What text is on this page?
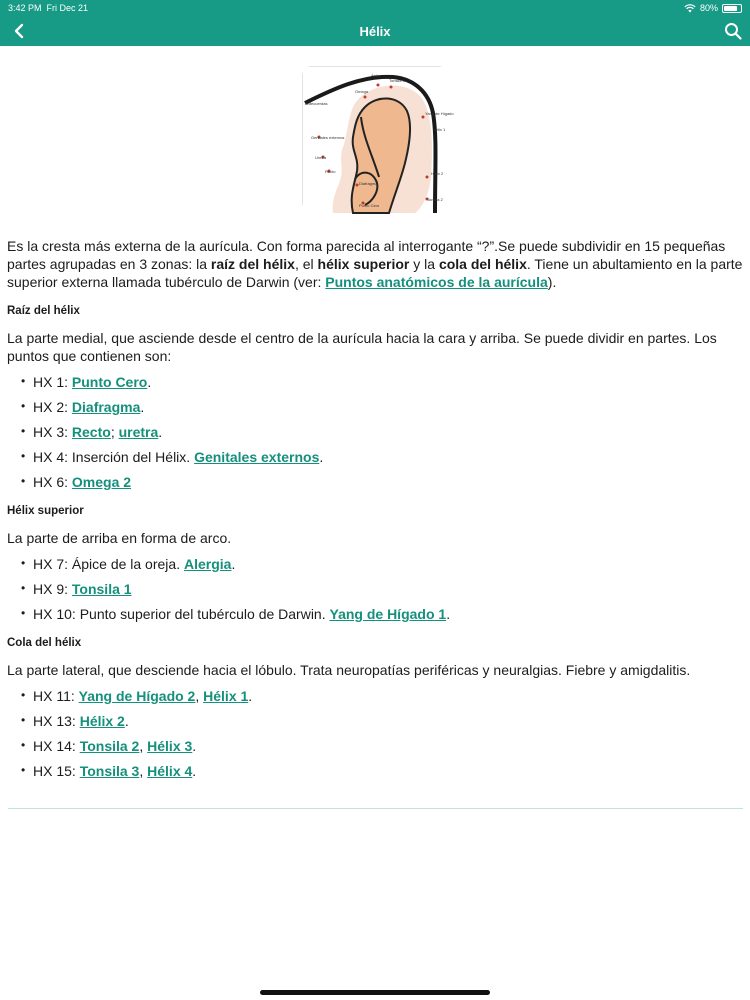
3:42 PM Fri Dec 21	80%
Hélix
Ápice
Tonsila 1
Omega
Antecuerdas
Yang de Hígado
Hélix 1
Genitales externos
Uretra
Recto
Diafragma
Punto Cero
Hélix 2
Tonsila 2

Es la cresta más externa de la aurícula. Con forma parecida al interrogante “?”.Se puede subdividir en 15 pequeñas partes agrupadas en 3 zonas: la raíz del hélix, el hélix superior y la cola del hélix. Tiene un abultamiento en la parte superior externa llamada tubérculo de Darwin (ver: Puntos anatómicos de la aurícula).

Raíz del hélix

La parte medial, que asciende desde el centro de la aurícula hacia la cara y arriba. Se puede dividir en partes. Los puntos que contienen son:

• HX 1: Punto Cero.
• HX 2: Diafragma.
• HX 3: Recto; uretra.
• HX 4: Inserción del Hélix. Genitales externos.
• HX 6: Omega 2
Hélix superior

La parte de arriba en forma de arco.

• HX 7: Ápice de la oreja. Alergia.
• HX 9: Tonsila 1
• HX 10: Punto superior del tubérculo de Darwin. Yang de Hígado 1.
Cola del hélix

La parte lateral, que desciende hacia el lóbulo. Trata neuropatías periféricas y neuralgias. Fiebre y amigdalitis.

• HX 11: Yang de Hígado 2, Hélix 1.
• HX 13: Hélix 2.
• HX 14: Tonsila 2, Hélix 3.
• HX 15: Tonsila 3, Hélix 4.
